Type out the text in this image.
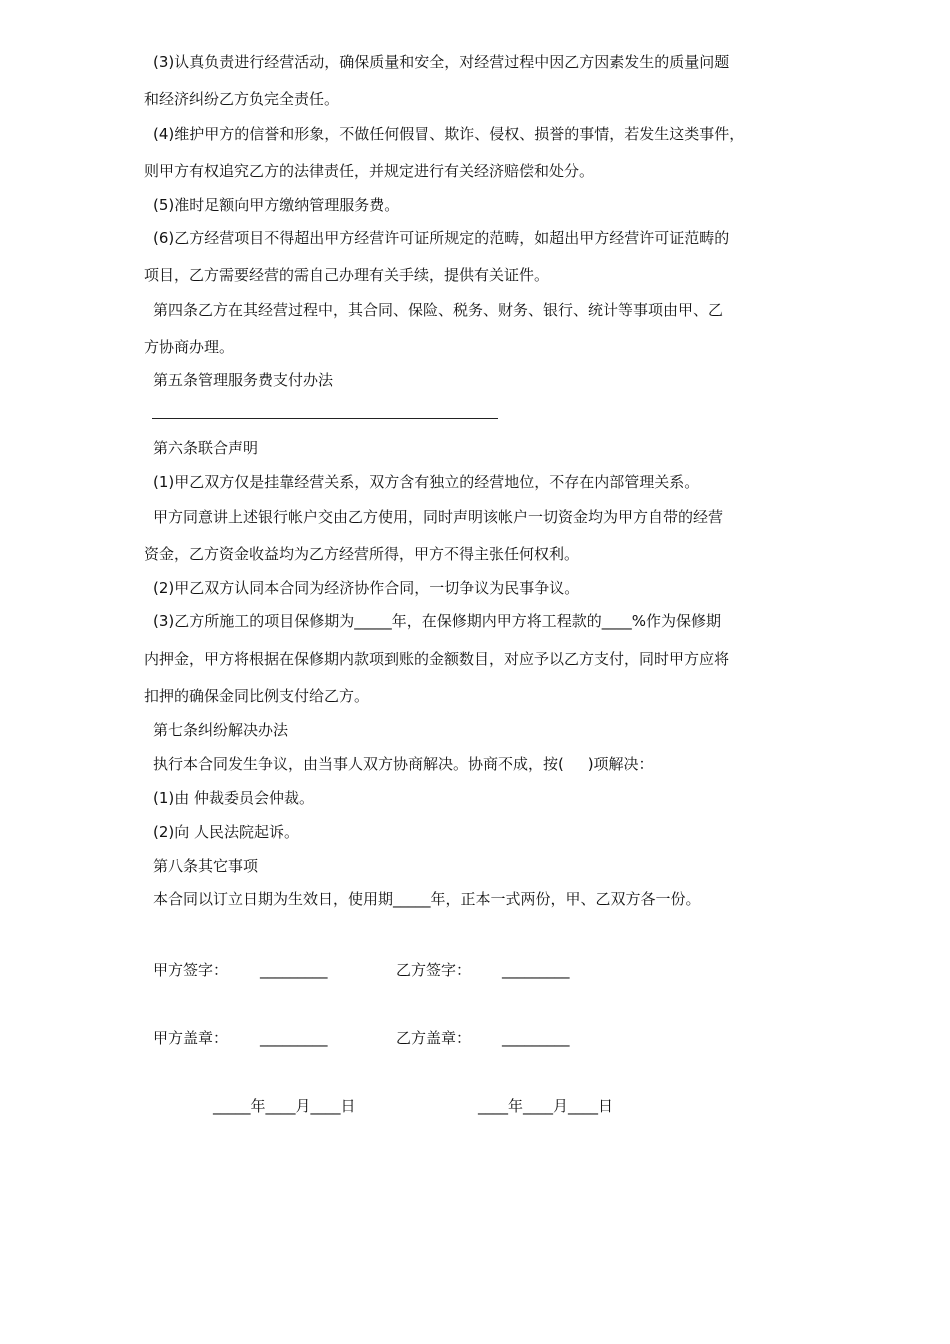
(3)认真负责进行经营活动，确保质量和安全，对经营过程中因乙方因素发生的质量问题
和经济纠纷乙方负完全责任。
(4)维护甲方的信誉和形象，不做任何假冒、欺诈、侵权、损誉的事情，若发生这类事件，
则甲方有权追究乙方的法律责任，并规定进行有关经济赔偿和处分。
(5)准时足额向甲方缴纳管理服务费。
(6)乙方经营项目不得超出甲方经营许可证所规定的范畴，如超出甲方经营许可证范畴的
项目，乙方需要经营的需自己办理有关手续，提供有关证件。
第四条乙方在其经营过程中，其合同、保险、税务、财务、银行、统计等事项由甲、乙
方协商办理。
第五条管理服务费支付办法
第六条联合声明
(1)甲乙双方仅是挂靠经营关系，双方含有独立的经营地位，不存在内部管理关系。
甲方同意讲上述银行帐户交由乙方使用，同时声明该帐户一切资金均为甲方自带的经营
资金，乙方资金收益均为乙方经营所得，甲方不得主张任何权利。
(2)甲乙双方认同本合同为经济协作合同，一切争议为民事争议。
(3)乙方所施工的项目保修期为_____年，在保修期内甲方将工程款的____%作为保修期
内押金，甲方将根据在保修期内款项到账的金额数目，对应予以乙方支付，同时甲方应将
扣押的确保金同比例支付给乙方。
第七条纠纷解决办法
执行本合同发生争议，由当事人双方协商解决。协商不成，按(     )项解决：
(1)由 仲裁委员会仲裁。
(2)向 人民法院起诉。
第八条其它事项
本合同以订立日期为生效日，使用期_____年，正本一式两份，甲、乙双方各一份。
甲方签字： _________	乙方签字： _________
甲方盖章： _________	乙方盖章： _________
_____年____月____日	____年____月____日
